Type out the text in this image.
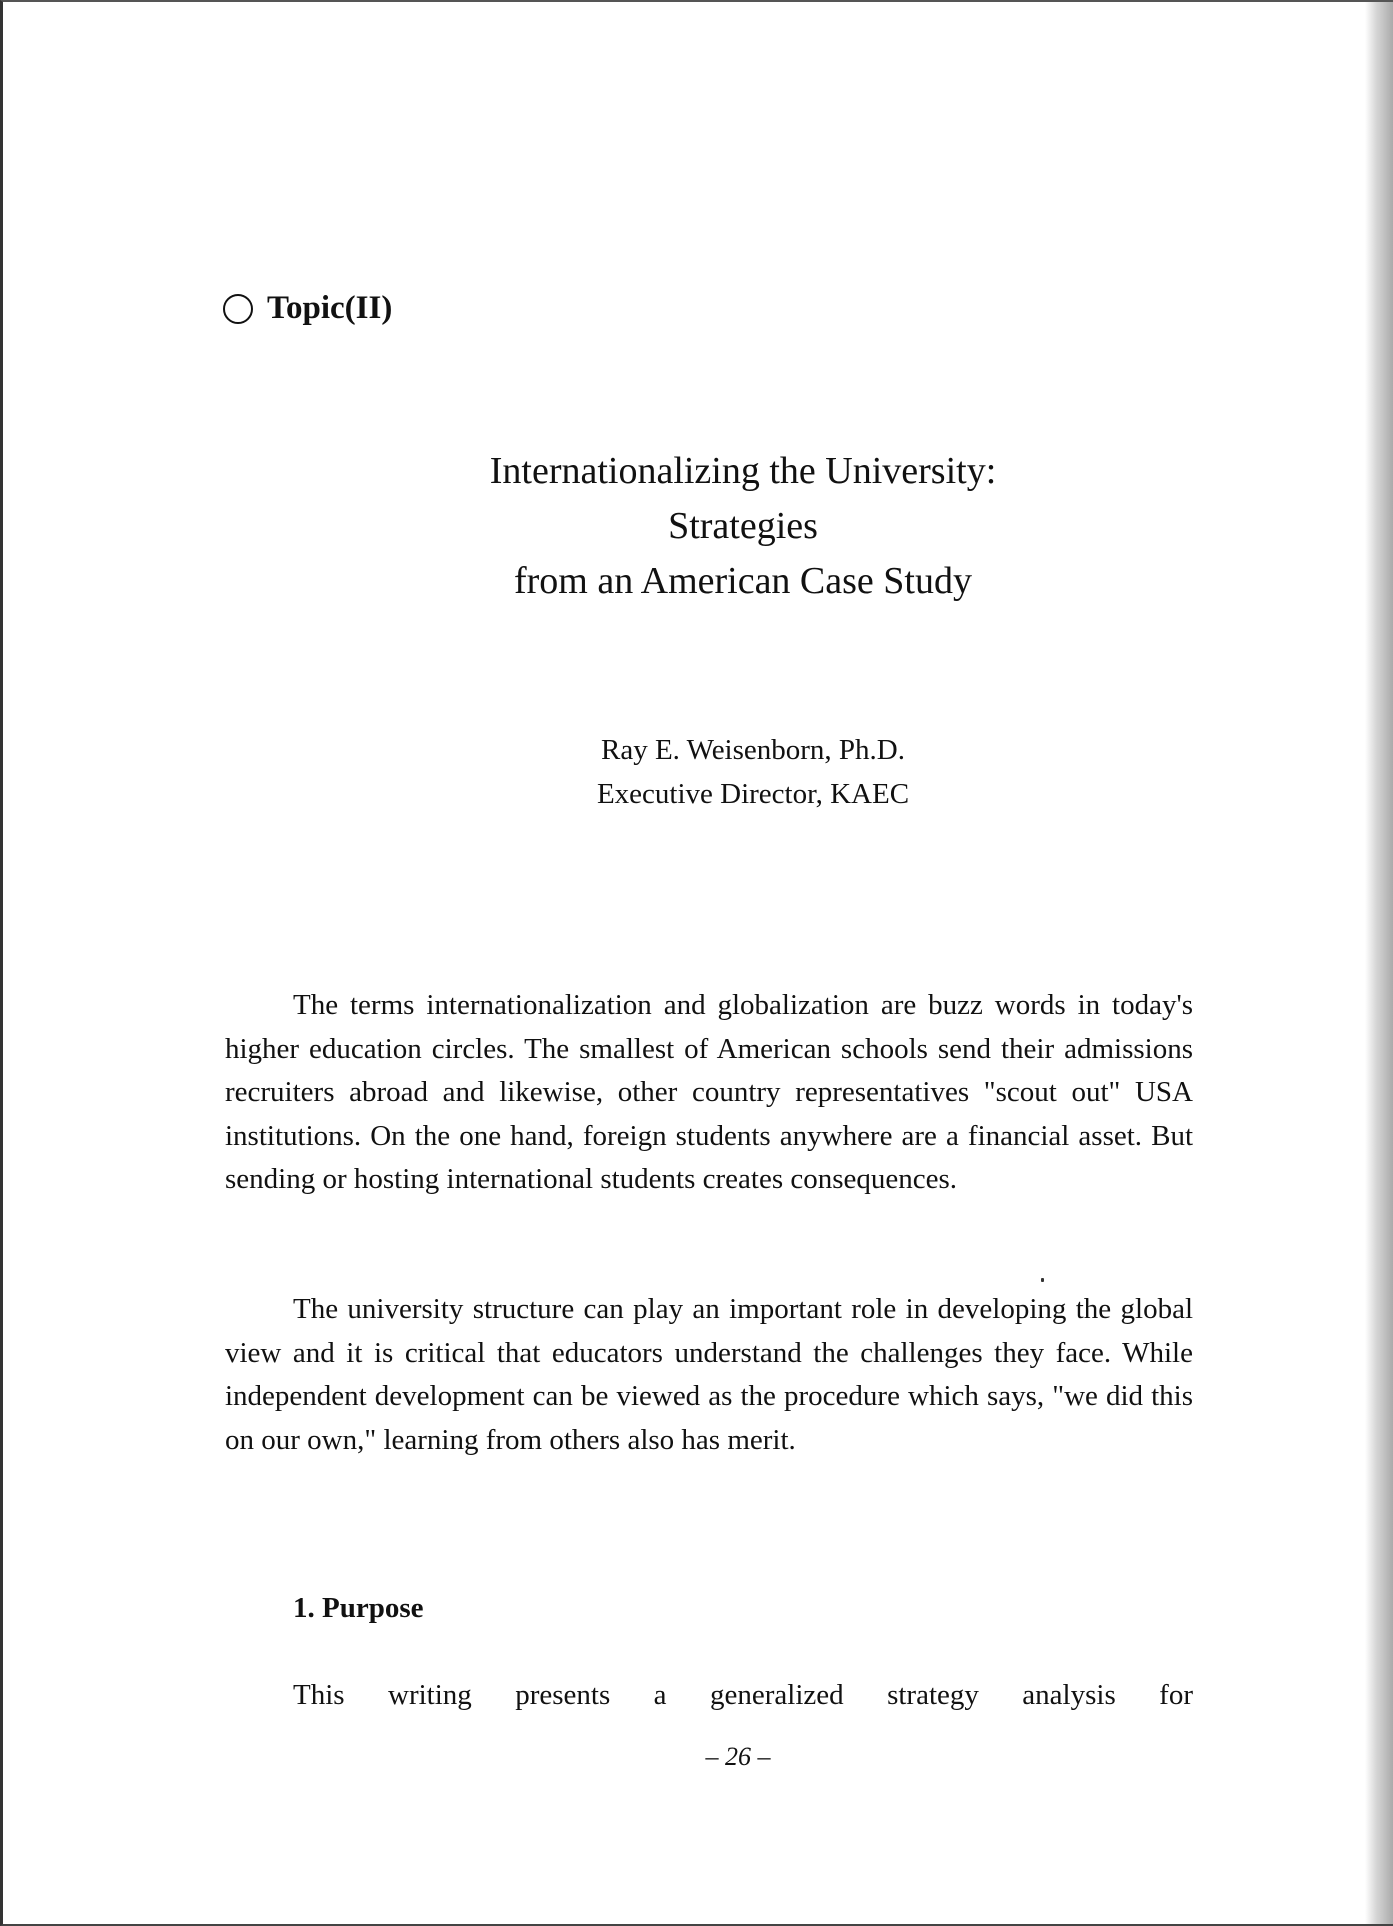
Topic(II)
Internationalizing the University:
Strategies
from an American Case Study
Ray E. Weisenborn, Ph.D.
Executive Director, KAEC

The terms internationalization and globalization are buzz words in today's higher education circles. The smallest of American schools send their admissions recruiters abroad and likewise, other country representatives "scout out" USA institutions. On the one hand, foreign students anywhere are a financial asset. But sending or hosting international students creates consequences.

The university structure can play an important role in developing the global view and it is critical that educators understand the challenges they face. While independent development can be viewed as the procedure which says, "we did this on our own," learning from others also has merit.

1. Purpose

This writing presents a generalized strategy analysis for

– 26 –
